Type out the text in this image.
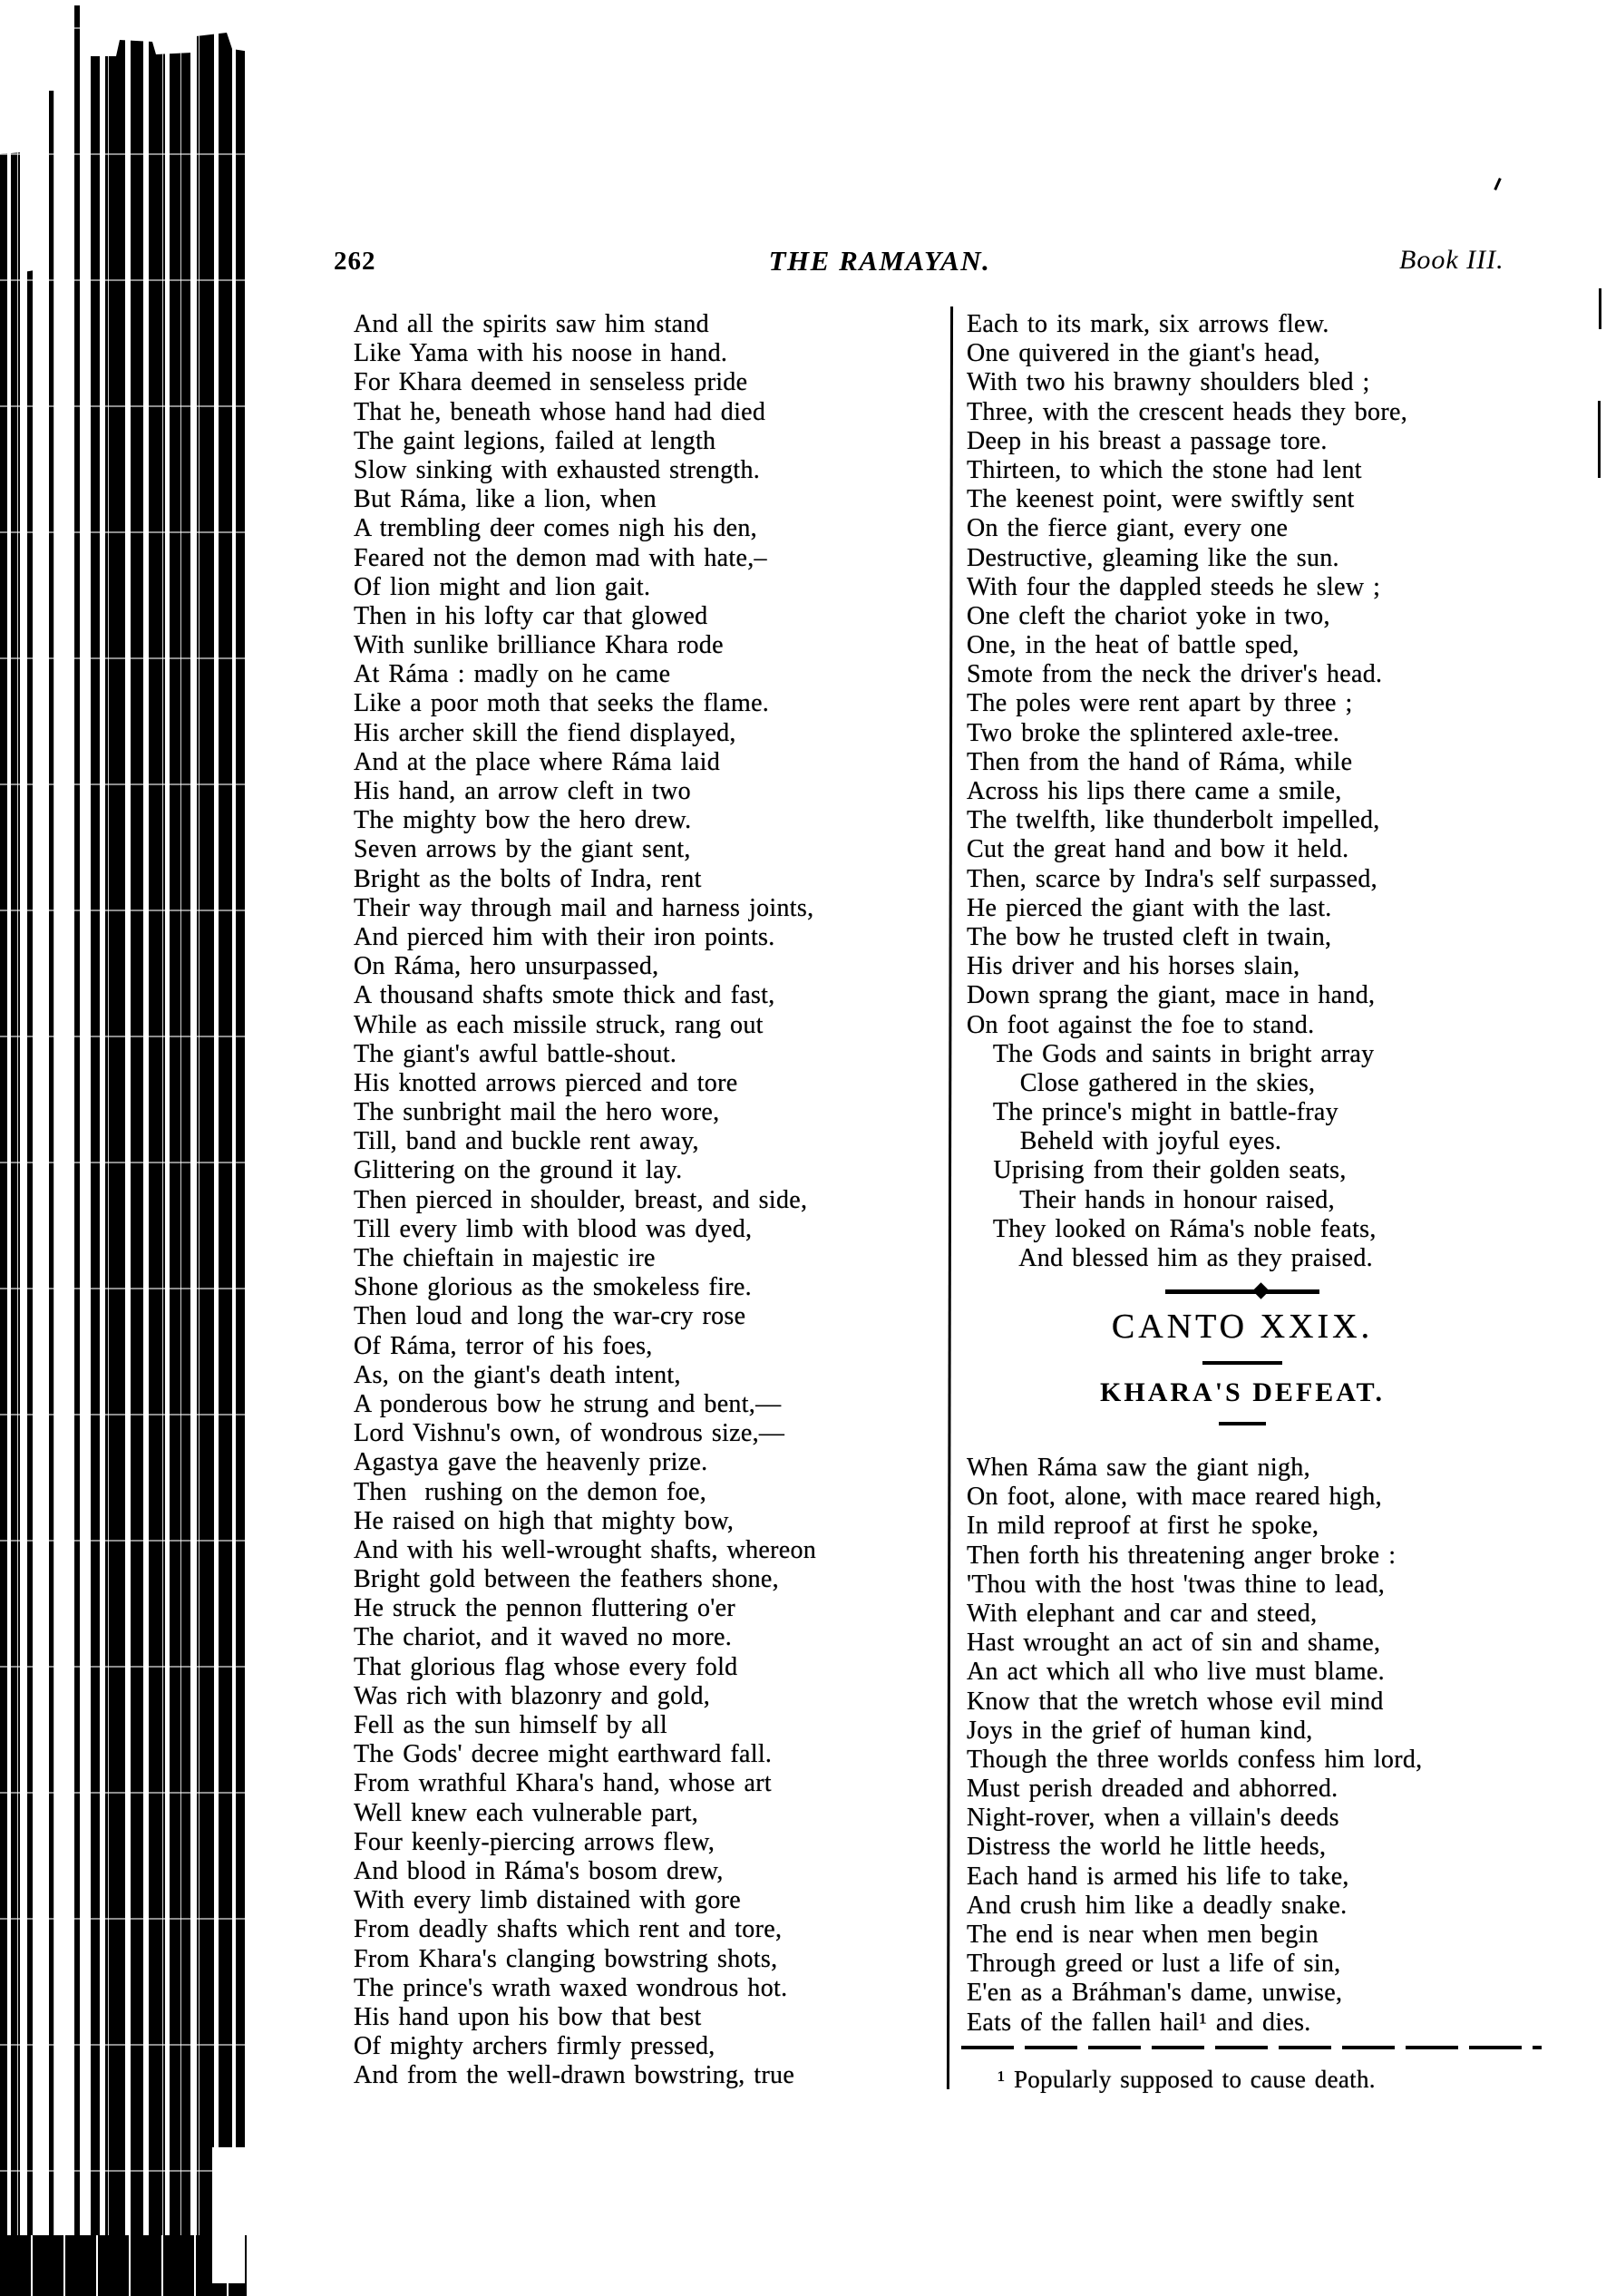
262	THE RAMAYAN.	Book III.
And all the spirits saw him stand
Like Yama with his noose in hand.
For Khara deemed in senseless pride
That he, beneath whose hand had died
The gaint legions, failed at length
Slow sinking with exhausted strength.
But Ráma, like a lion, when
A trembling deer comes nigh his den,
Feared not the demon mad with hate,–
Of lion might and lion gait.
Then in his lofty car that glowed
With sunlike brilliance Khara rode
At Ráma : madly on he came
Like a poor moth that seeks the flame.
His archer skill the fiend displayed,
And at the place where Ráma laid
His hand, an arrow cleft in two
The mighty bow the hero drew.
Seven arrows by the giant sent,
Bright as the bolts of Indra, rent
Their way through mail and harness joints,
And pierced him with their iron points.
On Ráma, hero unsurpassed,
A thousand shafts smote thick and fast,
While as each missile struck, rang out
The giant's awful battle-shout.
His knotted arrows pierced and tore
The sunbright mail the hero wore,
Till, band and buckle rent away,
Glittering on the ground it lay.
Then pierced in shoulder, breast, and side,
Till every limb with blood was dyed,
The chieftain in majestic ire
Shone glorious as the smokeless fire.
Then loud and long the war-cry rose
Of Ráma, terror of his foes,
As, on the giant's death intent,
A ponderous bow he strung and bent,—
Lord Vishnu's own, of wondrous size,—
Agastya gave the heavenly prize.
Then  rushing on the demon foe,
He raised on high that mighty bow,
And with his well-wrought shafts, whereon
Bright gold between the feathers shone,
He struck the pennon fluttering o'er
The chariot, and it waved no more.
That glorious flag whose every fold
Was rich with blazonry and gold,
Fell as the sun himself by all
The Gods' decree might earthward fall.
From wrathful Khara's hand, whose art
Well knew each vulnerable part,
Four keenly-piercing arrows flew,
And blood in Ráma's bosom drew,
With every limb distained with gore
From deadly shafts which rent and tore,
From Khara's clanging bowstring shots,
The prince's wrath waxed wondrous hot.
His hand upon his bow that best
Of mighty archers firmly pressed,
And from the well-drawn bowstring, true
Each to its mark, six arrows flew.
One quivered in the giant's head,
With two his brawny shoulders bled ;
Three, with the crescent heads they bore,
Deep in his breast a passage tore.
Thirteen, to which the stone had lent
The keenest point, were swiftly sent
On the fierce giant, every one
Destructive, gleaming like the sun.
With four the dappled steeds he slew ;
One cleft the chariot yoke in two,
One, in the heat of battle sped,
Smote from the neck the driver's head.
The poles were rent apart by three ;
Two broke the splintered axle-tree.
Then from the hand of Ráma, while
Across his lips there came a smile,
The twelfth, like thunderbolt impelled,
Cut the great hand and bow it held.
Then, scarce by Indra's self surpassed,
He pierced the giant with the last.
The bow he trusted cleft in twain,
His driver and his horses slain,
Down sprang the giant, mace in hand,
On foot against the foe to stand.
The Gods and saints in bright array
Close gathered in the skies,
The prince's might in battle-fray
Beheld with joyful eyes.
Uprising from their golden seats,
Their hands in honour raised,
They looked on Ráma's noble feats,
And blessed him as they praised.
CANTO XXIX.
KHARA'S DEFEAT.
When Ráma saw the giant nigh,
On foot, alone, with mace reared high,
In mild reproof at first he spoke,
Then forth his threatening anger broke :
'Thou with the host 'twas thine to lead,
With elephant and car and steed,
Hast wrought an act of sin and shame,
An act which all who live must blame.
Know that the wretch whose evil mind
Joys in the grief of human kind,
Though the three worlds confess him lord,
Must perish dreaded and abhorred.
Night-rover, when a villain's deeds
Distress the world he little heeds,
Each hand is armed his life to take,
And crush him like a deadly snake.
The end is near when men begin
Through greed or lust a life of sin,
E'en as a Bráhman's dame, unwise,
Eats of the fallen hail¹ and dies.
¹ Popularly supposed to cause death.
